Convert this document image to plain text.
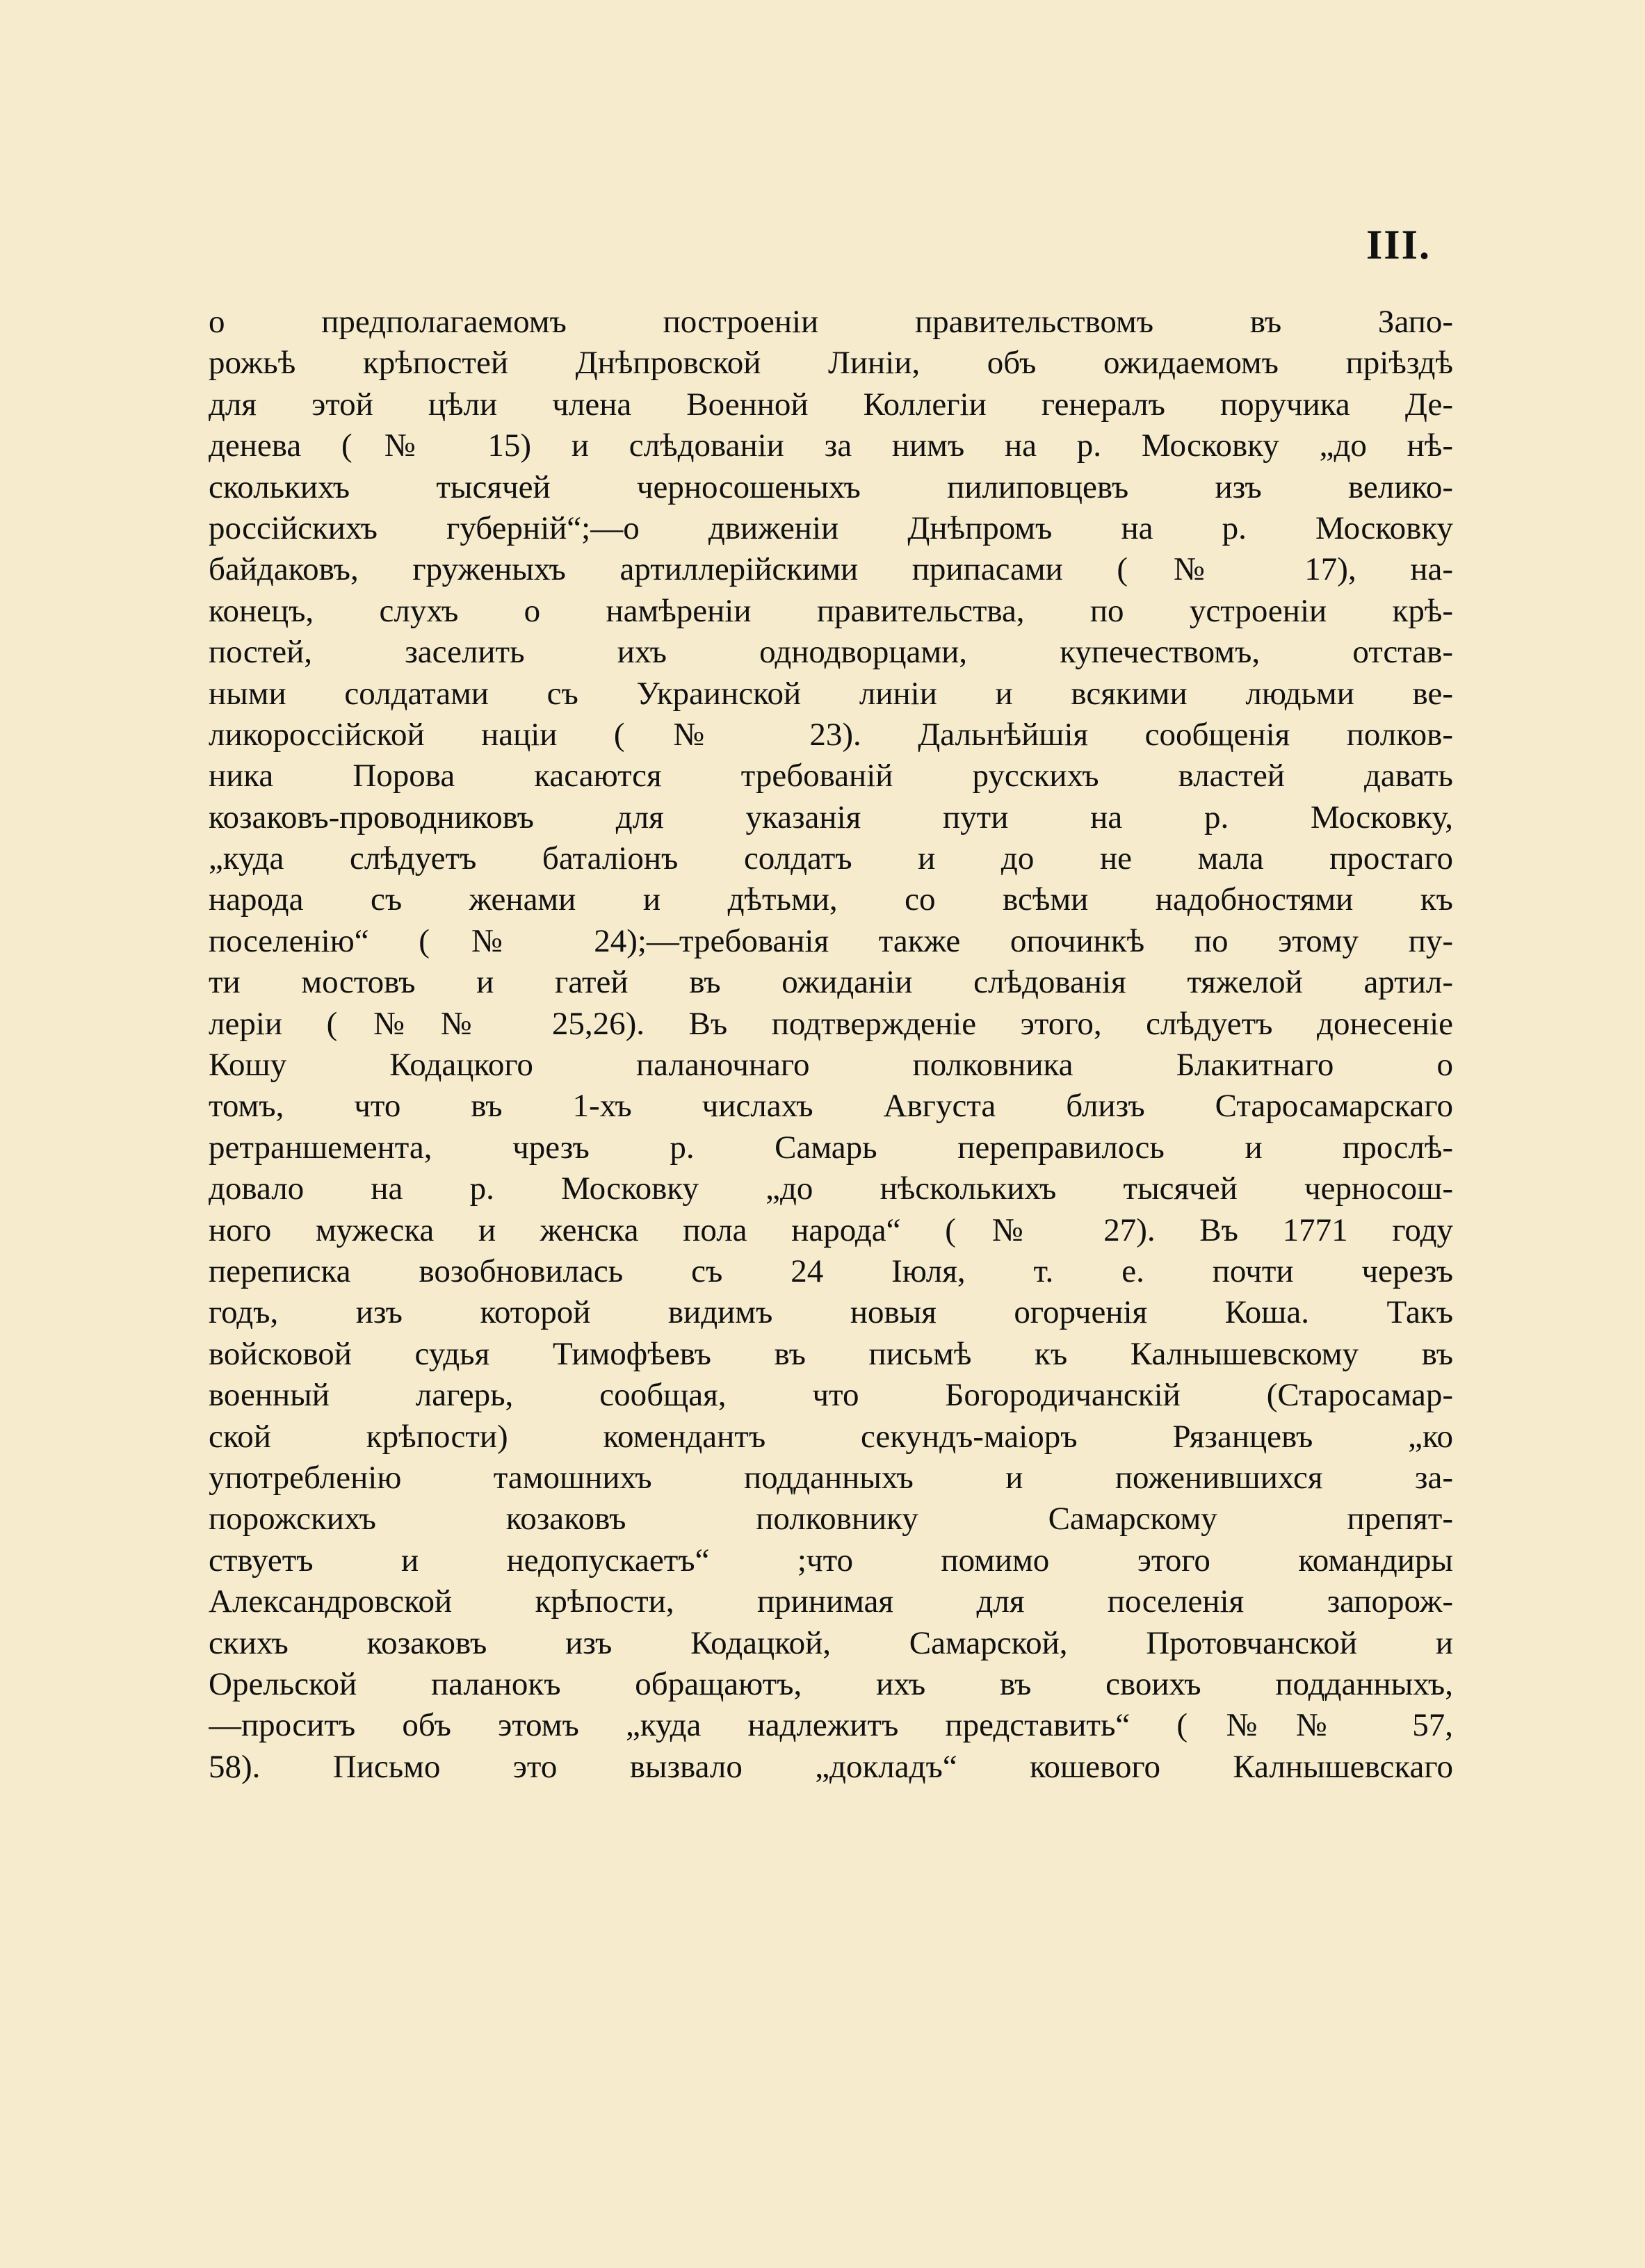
III.
о предполагаемомъ построеніи правительствомъ въ Запо-
рожьѣ крѣпостей Днѣпровской Линіи, объ ожидаемомъ пріѣздѣ
для этой цѣли члена Военной Коллегіи генералъ поручика Де-
денева (№ 15) и слѣдованіи за нимъ на р. Московку „до нѣ-
сколькихъ тысячей черносошеныхъ пилиповцевъ изъ велико-
россійскихъ губерній“;—о движеніи Днѣпромъ на р. Московку
байдаковъ, груженыхъ артиллерійскими припасами (№ 17), на-
конецъ, слухъ о намѣреніи правительства, по устроеніи крѣ-
постей, заселить ихъ однодворцами, купечествомъ, отстав-
ными солдатами съ Украинской линіи и всякими людьми ве-
ликороссійской націи (№ 23). Дальнѣйшія сообщенія полков-
ника Порова касаются требованій русскихъ властей давать
козаковъ-проводниковъ для указанія пути на р. Московку,
„куда слѣдуетъ баталіонъ солдатъ и до не мала простаго
народа съ женами и дѣтьми, со всѣми надобностями къ
поселенію“ (№ 24);—требованія также опочинкѣ по этому пу-
ти мостовъ и гатей въ ожиданіи слѣдованія тяжелой артил-
леріи (№№ 25,26). Въ подтвержденіе этого, слѣдуетъ донесеніе
Кошу Кодацкого паланочнаго полковника Блакитнаго о
томъ, что въ 1-хъ числахъ Августа близъ Старосамарскаго
ретраншемента, чрезъ р. Самарь переправилось и прослѣ-
довало на р. Московку „до нѣсколькихъ тысячей черносош-
ного мужеска и женска пола народа“ (№ 27). Въ 1771 году
переписка возобновилась съ 24 Іюля, т. е. почти черезъ
годъ, изъ которой видимъ новыя огорченія Коша. Такъ
войсковой судья Тимофѣевъ въ письмѣ къ Калнышевскому въ
военный лагерь, сообщая, что Богородичанскій (Старосамар-
ской крѣпости) комендантъ секундъ-маіоръ Рязанцевъ „ко
употребленію тамошнихъ подданныхъ и поженившихся за-
порожскихъ козаковъ полковнику Самарскому препят-
ствуетъ и недопускаетъ“ ;что помимо этого командиры
Александровской крѣпости, принимая для поселенія запорож-
скихъ козаковъ изъ Кодацкой, Самарской, Протовчанской и
Орельской паланокъ обращаютъ, ихъ въ своихъ подданныхъ,
—проситъ объ этомъ „куда надлежитъ представить“ (№№ 57,
58). Письмо это вызвало „докладъ“ кошевого Калнышевскаго
